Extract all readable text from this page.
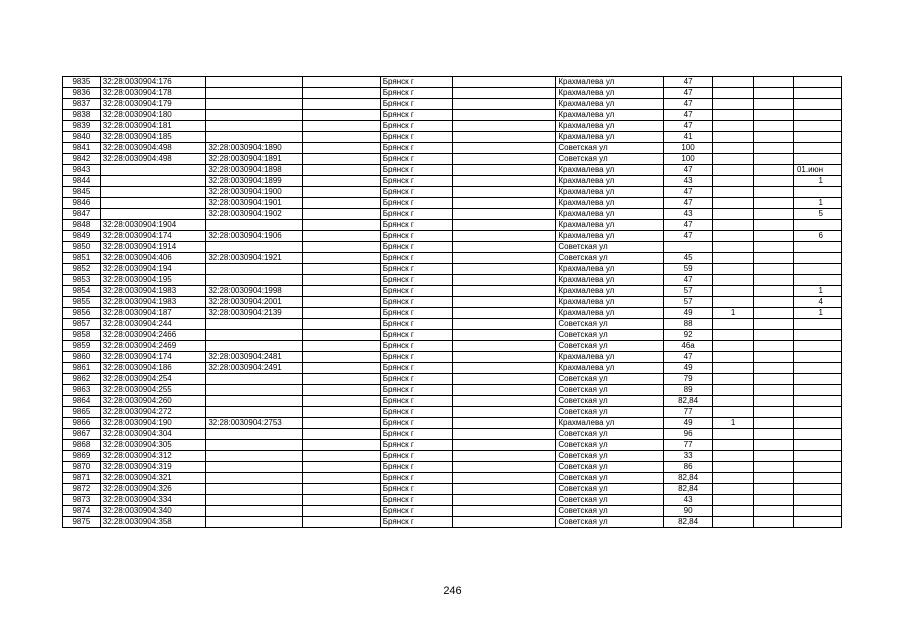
9835	32:28:0030904:176			Брянск г		Крахмалева ул	47			
9836	32:28:0030904:178			Брянск г		Крахмалева ул	47			
9837	32:28:0030904:179			Брянск г		Крахмалева ул	47			
9838	32:28:0030904:180			Брянск г		Крахмалева ул	47			
9839	32:28:0030904:181			Брянск г		Крахмалева ул	47			
9840	32:28:0030904:185			Брянск г		Крахмалева ул	41			
9841	32:28:0030904:498	32:28:0030904:1890		Брянск г		Советская ул	100			
9842	32:28:0030904:498	32:28:0030904:1891		Брянск г		Советская ул	100			
9843		32:28:0030904:1898		Брянск г		Крахмалева ул	47			01.июн
9844		32:28:0030904:1899		Брянск г		Крахмалева ул	43			1
9845		32:28:0030904:1900		Брянск г		Крахмалева ул	47			
9846		32:28:0030904:1901		Брянск г		Крахмалева ул	47			1
9847		32:28:0030904:1902		Брянск г		Крахмалева ул	43			5
9848	32:28:0030904:1904			Брянск г		Крахмалева ул	47			
9849	32:28:0030904:174	32:28:0030904:1906		Брянск г		Крахмалева ул	47			6
9850	32:28:0030904:1914			Брянск г		Советская ул				
9851	32:28:0030904:406	32:28:0030904:1921		Брянск г		Советская ул	45			
9852	32:28:0030904:194			Брянск г		Крахмалева ул	59			
9853	32:28:0030904:195			Брянск г		Крахмалева ул	47			
9854	32:28:0030904:1983	32:28:0030904:1998		Брянск г		Крахмалева ул	57			1
9855	32:28:0030904:1983	32:28:0030904:2001		Брянск г		Крахмалева ул	57			4
9856	32:28:0030904:187	32:28:0030904:2139		Брянск г		Крахмалева ул	49	1		1
9857	32:28:0030904:244			Брянск г		Советская ул	88			
9858	32:28:0030904:2466			Брянск г		Советская ул	92			
9859	32:28:0030904:2469			Брянск г		Советская ул	46а			
9860	32:28:0030904:174	32:28:0030904:2481		Брянск г		Крахмалева ул	47			
9861	32:28:0030904:186	32:28:0030904:2491		Брянск г		Крахмалева ул	49			
9862	32:28:0030904:254			Брянск г		Советская ул	79			
9863	32:28:0030904:255			Брянск г		Советская ул	89			
9864	32:28:0030904:260			Брянск г		Советская ул	82,84			
9865	32:28:0030904:272			Брянск г		Советская ул	77			
9866	32:28:0030904:190	32:28:0030904:2753		Брянск г		Крахмалева ул	49	1		
9867	32:28:0030904:304			Брянск г		Советская ул	96			
9868	32:28:0030904:305			Брянск г		Советская ул	77			
9869	32:28:0030904:312			Брянск г		Советская ул	33			
9870	32:28:0030904:319			Брянск г		Советская ул	86			
9871	32:28:0030904:321			Брянск г		Советская ул	82,84			
9872	32:28:0030904:326			Брянск г		Советская ул	82,84			
9873	32:28:0030904:334			Брянск г		Советская ул	43			
9874	32:28:0030904:340			Брянск г		Советская ул	90			
9875	32:28:0030904:358			Брянск г		Советская ул	82,84			
246
